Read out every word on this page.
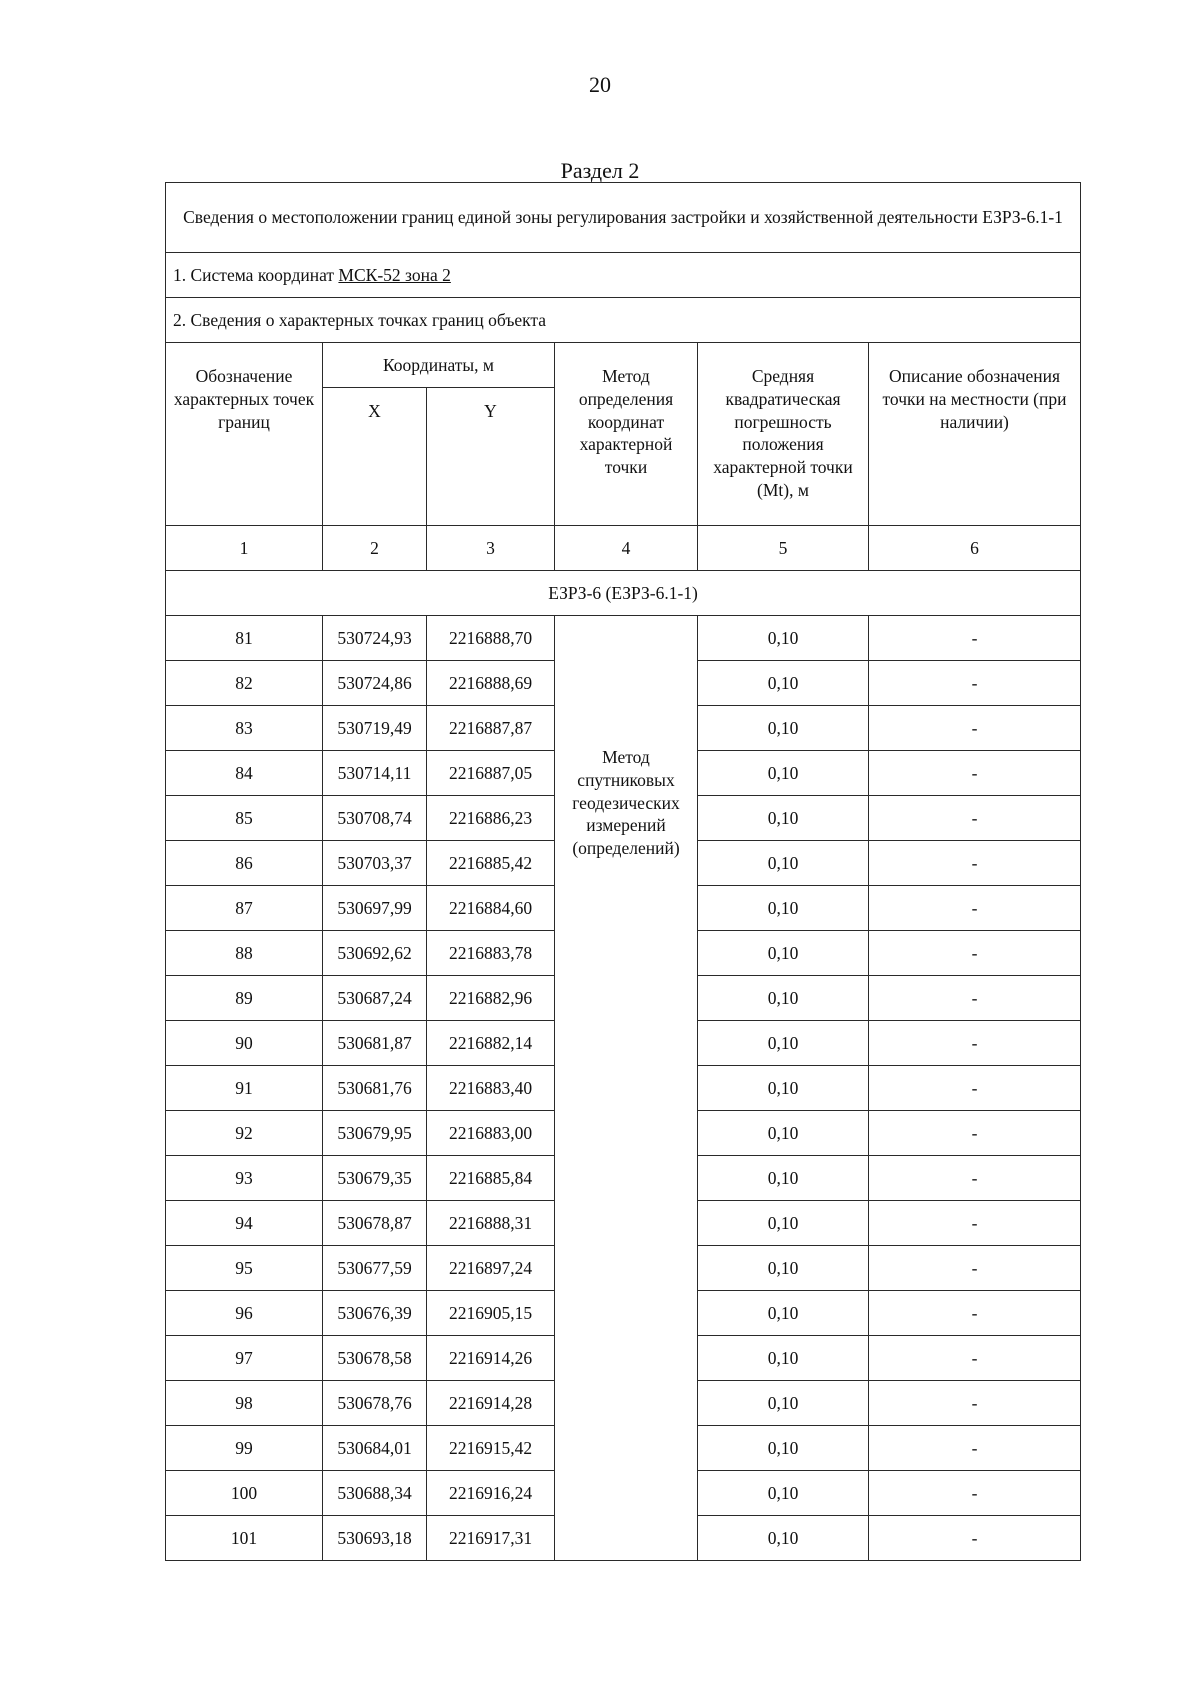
20
Раздел 2
Сведения о местоположении границ единой зоны регулирования застройки и хозяйственной деятельности ЕЗРЗ-6.1-1					
1. Система координат МСК-52 зона 2					
2. Сведения о характерных точках границ объекта					
Обозначение характерных точек границ	Координаты, м		Метод определения координат характерной точки	Средняя квадратическая погрешность положения характерной точки (Mt), м	Описание обозначения точки на местности (при наличии)
	X	Y			
1	2	3	4	5	6
ЕЗРЗ-6 (ЕЗРЗ-6.1-1)					
81	530724,93	2216888,70	Метод спутниковых геодезических измерений (определений)	0,10	-
82	530724,86	2216888,69		0,10	-
83	530719,49	2216887,87		0,10	-
84	530714,11	2216887,05		0,10	-
85	530708,74	2216886,23		0,10	-
86	530703,37	2216885,42		0,10	-
87	530697,99	2216884,60		0,10	-
88	530692,62	2216883,78		0,10	-
89	530687,24	2216882,96		0,10	-
90	530681,87	2216882,14		0,10	-
91	530681,76	2216883,40		0,10	-
92	530679,95	2216883,00		0,10	-
93	530679,35	2216885,84		0,10	-
94	530678,87	2216888,31		0,10	-
95	530677,59	2216897,24		0,10	-
96	530676,39	2216905,15		0,10	-
97	530678,58	2216914,26		0,10	-
98	530678,76	2216914,28		0,10	-
99	530684,01	2216915,42		0,10	-
100	530688,34	2216916,24		0,10	-
101	530693,18	2216917,31		0,10	-
